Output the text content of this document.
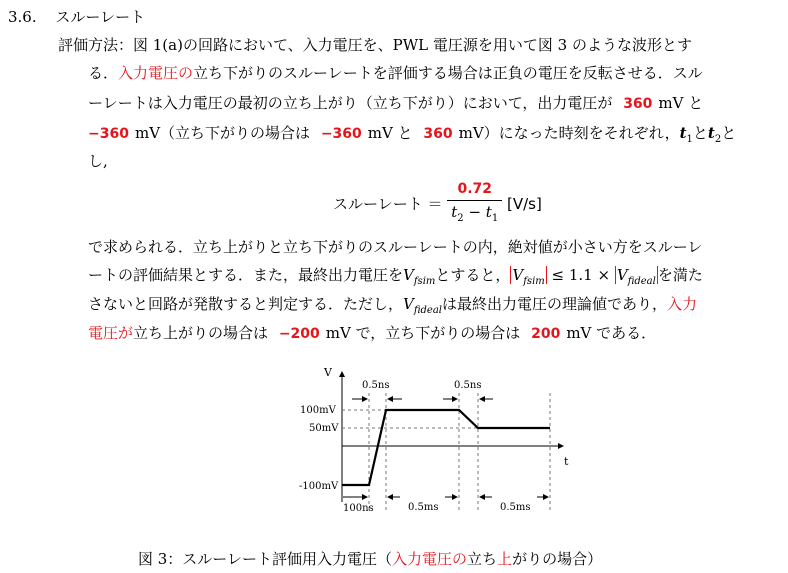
3.6. スルーレート
評価方法：図 1(a)の回路において、入力電圧を、PWL 電圧源を用いて図 3 のような波形とす
る．入力電圧の立ち下がりのスルーレートを評価する場合は正負の電圧を反転させる．スル
ーレートは入力電圧の最初の立ち上がり（立ち下がり）において，出力電圧が 360 mV と
−360 mV（立ち下がりの場合は −360 mV と 360 mV）になった時刻をそれぞれ，$t_1$と$t_2$と
し,
スルーレート ＝ $\frac{0.72}{t_2 - t_1} [V/s]$
で求められる．立ち上がりと立ち下がりのスルーレートの内，絶対値が小さい方をスルーレ
ートの評価結果とする．また，最終出力電圧を$V_{fsim}$とすると， $V_{fsim} \le 1.1 \times V_{fideal}$ を満た
さないと回路が発散すると判定する．ただし，$V_{fideal}$は最終出力電圧の理論値であり，入力
電圧が立ち上がりの場合は −200 mV で，立ち下がりの場合は 200 mV である．
V
t
0.5ns	0.5ns
100mV
50mV
-100mV
100ns	0.5ms	0.5ms
図 3：スルーレート評価用入力電圧（入力電圧の立ち上がりの場合）
